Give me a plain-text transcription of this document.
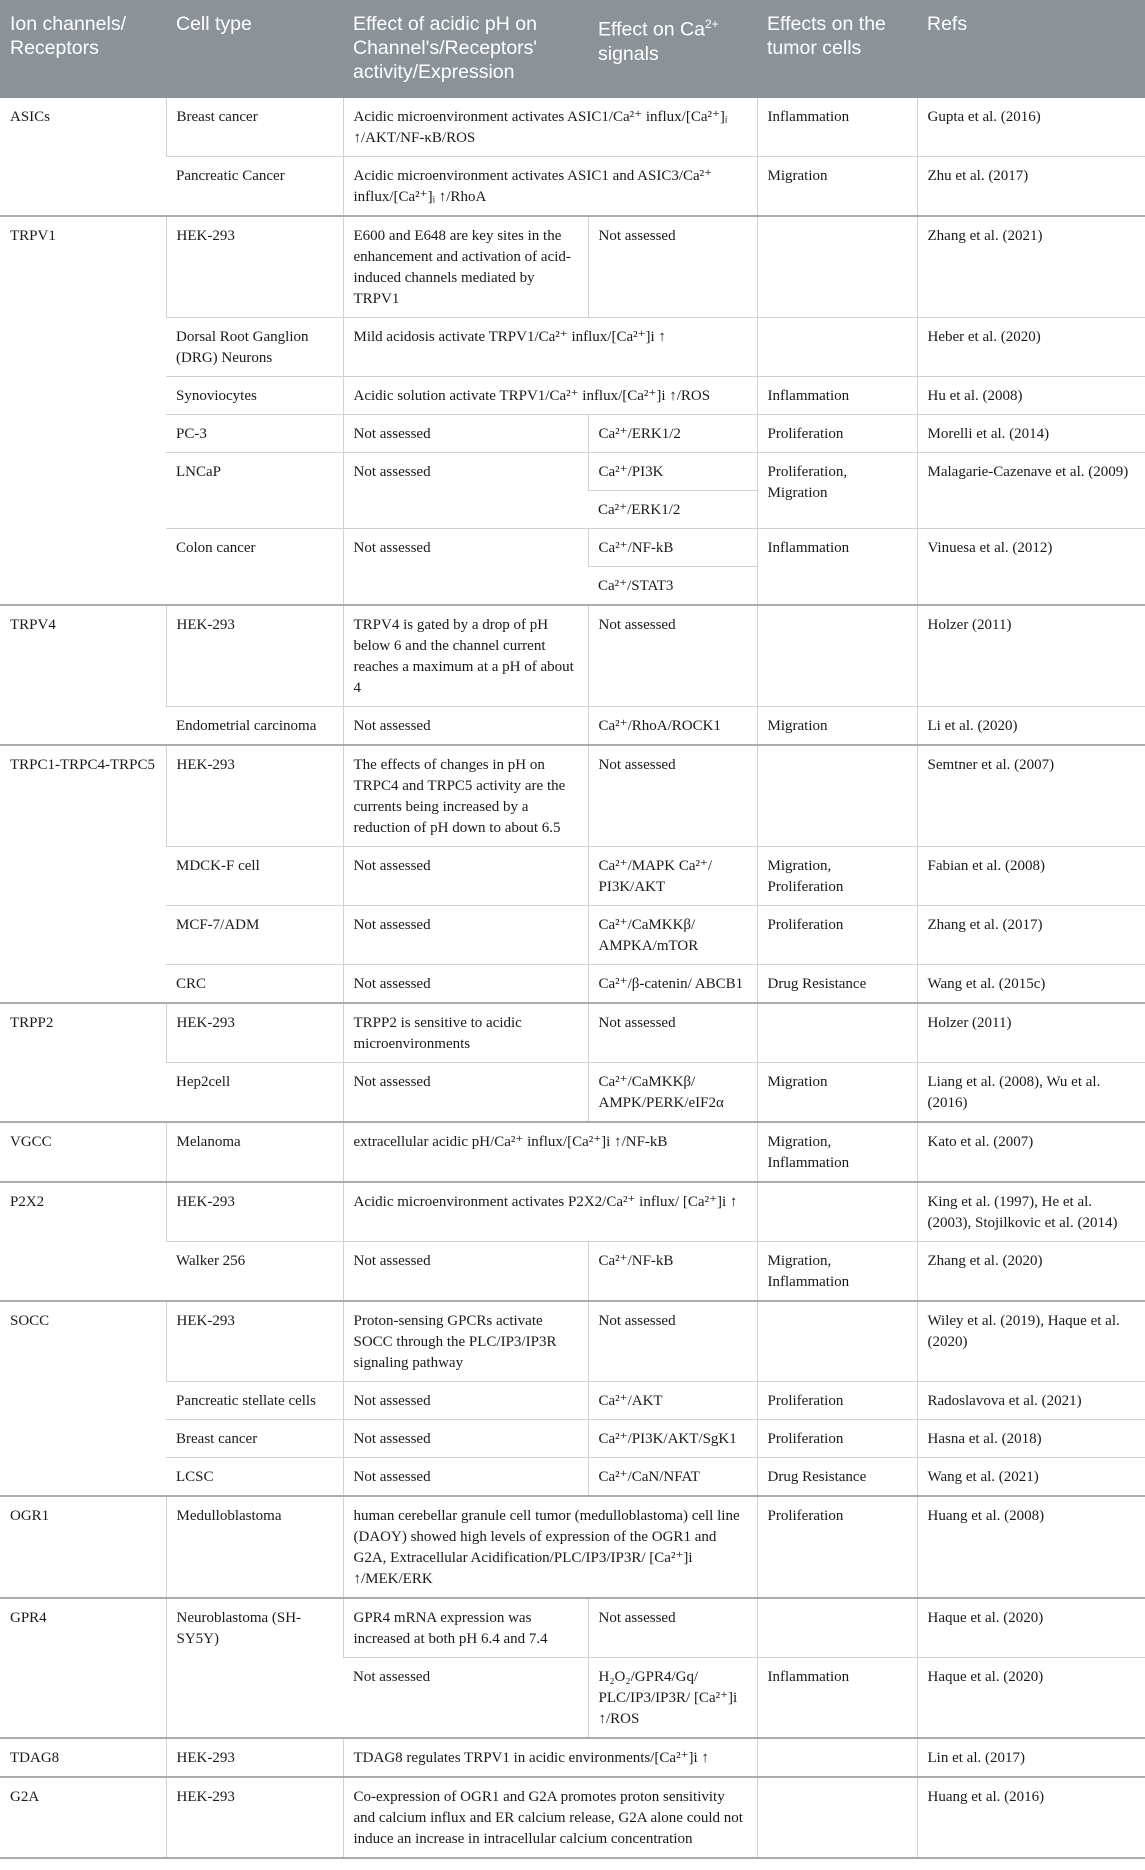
Ion channels/ Receptors	Cell type	Effect of acidic pH on Channel's/Receptors' activity/Expression	Effect on $Ca^{2+}$ signals	Effects on the tumor cells	Refs
ASICs	Breast cancer	Acidic microenvironment activates ASIC1/Ca²⁺ influx/[Ca²⁺]ᵢ ↑/AKT/NF-κB/ROS		Inflammation	Gupta et al. (2016)
	Pancreatic Cancer	Acidic microenvironment activates ASIC1 and ASIC3/Ca²⁺ influx/[Ca²⁺]ᵢ ↑/RhoA		Migration	Zhu et al. (2017)
TRPV1	HEK-293	E600 and E648 are key sites in the enhancement and activation of acid-induced channels mediated by TRPV1	Not assessed		Zhang et al. (2021)
	Dorsal Root Ganglion (DRG) Neurons	Mild acidosis activate TRPV1/Ca²⁺ influx/[Ca²⁺]i ↑			Heber et al. (2020)
	Synoviocytes	Acidic solution activate TRPV1/Ca²⁺ influx/[Ca²⁺]i ↑/ROS		Inflammation	Hu et al. (2008)
	PC-3	Not assessed	Ca²⁺/ERK1/2	Proliferation	Morelli et al. (2014)
	LNCaP	Not assessed	Ca²⁺/PI3K	Proliferation, Migration	Malagarie-Cazenave et al. (2009)
			Ca²⁺/ERK1/2		
	Colon cancer	Not assessed	Ca²⁺/NF-kB	Inflammation	Vinuesa et al. (2012)
			Ca²⁺/STAT3		
TRPV4	HEK-293	TRPV4 is gated by a drop of pH below 6 and the channel current reaches a maximum at a pH of about 4	Not assessed		Holzer (2011)
	Endometrial carcinoma	Not assessed	Ca²⁺/RhoA/ROCK1	Migration	Li et al. (2020)
TRPC1-TRPC4-TRPC5	HEK-293	The effects of changes in pH on TRPC4 and TRPC5 activity are the currents being increased by a reduction of pH down to about 6.5	Not assessed		Semtner et al. (2007)
	MDCK-F cell	Not assessed	Ca²⁺/MAPK Ca²⁺/ PI3K/AKT	Migration, Proliferation	Fabian et al. (2008)
	MCF-7/ADM	Not assessed	Ca²⁺/CaMKKβ/ AMPKA/mTOR	Proliferation	Zhang et al. (2017)
	CRC	Not assessed	Ca²⁺/β-catenin/ ABCB1	Drug Resistance	Wang et al. (2015c)
TRPP2	HEK-293	TRPP2 is sensitive to acidic microenvironments	Not assessed		Holzer (2011)
	Hep2cell	Not assessed	Ca²⁺/CaMKKβ/ AMPK/PERK/eIF2α	Migration	Liang et al. (2008), Wu et al. (2016)
VGCC	Melanoma	extracellular acidic pH/Ca²⁺ influx/[Ca²⁺]i ↑/NF-kB		Migration, Inflammation	Kato et al. (2007)
P2X2	HEK-293	Acidic microenvironment activates P2X2/Ca²⁺ influx/ [Ca²⁺]i ↑			King et al. (1997), He et al. (2003), Stojilkovic et al. (2014)
	Walker 256	Not assessed	Ca²⁺/NF-kB	Migration, Inflammation	Zhang et al. (2020)
SOCC	HEK-293	Proton-sensing GPCRs activate SOCC through the PLC/IP3/IP3R signaling pathway	Not assessed		Wiley et al. (2019), Haque et al. (2020)
	Pancreatic stellate cells	Not assessed	Ca²⁺/AKT	Proliferation	Radoslavova et al. (2021)
	Breast cancer	Not assessed	Ca²⁺/PI3K/AKT/SgK1	Proliferation	Hasna et al. (2018)
	LCSC	Not assessed	Ca²⁺/CaN/NFAT	Drug Resistance	Wang et al. (2021)
OGR1	Medulloblastoma	human cerebellar granule cell tumor (medulloblastoma) cell line (DAOY) showed high levels of expression of the OGR1 and G2A, Extracellular Acidification/PLC/IP3/IP3R/ [Ca²⁺]i ↑/MEK/ERK		Proliferation	Huang et al. (2008)
GPR4	Neuroblastoma (SH-SY5Y)	GPR4 mRNA expression was increased at both pH 6.4 and 7.4	Not assessed		Haque et al. (2020)
		Not assessed	H₂O₂/GPR4/Gq/ PLC/IP3/IP3R/ [Ca²⁺]i ↑/ROS	Inflammation	Haque et al. (2020)
TDAG8	HEK-293	TDAG8 regulates TRPV1 in acidic environments/[Ca²⁺]i ↑			Lin et al. (2017)
G2A	HEK-293	Co-expression of OGR1 and G2A promotes proton sensitivity and calcium influx and ER calcium release, G2A alone could not induce an increase in intracellular calcium concentration			Huang et al. (2016)
